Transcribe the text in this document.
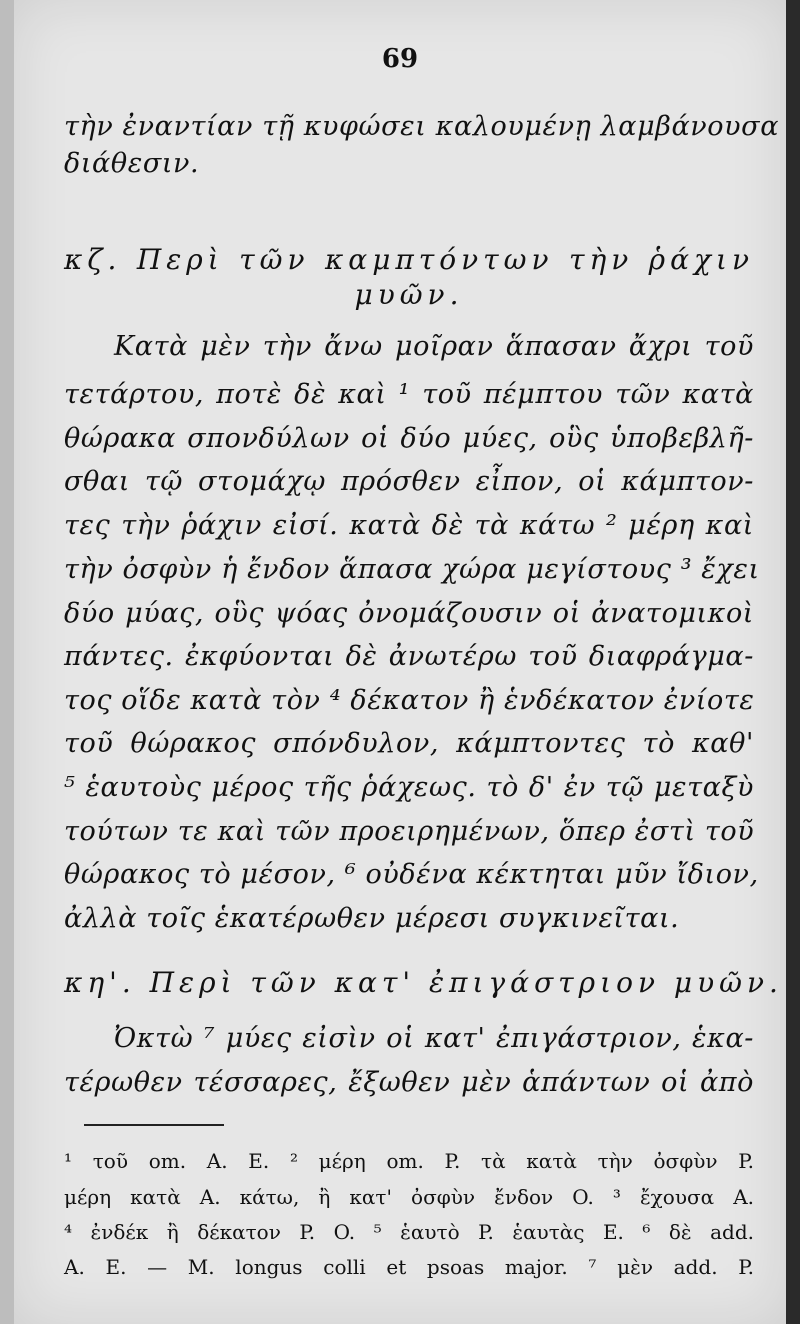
69
τὴν ἐναντίαν τῇ κυφώσει καλουμένῃ λαμβάνουσα
διάθεσιν.
κζ. Περὶ τῶν καμπτόντων τὴν ῥάχιν
μυῶν.
Κατὰ μὲν τὴν ἄνω μοῖραν ἅπασαν ἄχρι τοῦ
τετάρτου, ποτὲ δὲ καὶ ¹ τοῦ πέμπτου τῶν κατὰ
θώρακα σπονδύλων οἱ δύο μύες, οὓς ὑποβεβλῆ-
σθαι τῷ στομάχῳ πρόσθεν εἶπον, οἱ κάμπτον-
τες τὴν ῥάχιν εἰσί. κατὰ δὲ τὰ κάτω ² μέρη καὶ
τὴν ὀσφὺν ἡ ἔνδον ἅπασα χώρα μεγίστους ³ ἔχει
δύο μύας, οὓς ψόας ὀνομάζουσιν οἱ ἀνατομικοὶ
πάντες. ἐκφύονται δὲ ἀνωτέρω τοῦ διαφράγμα-
τος οἵδε κατὰ τὸν ⁴ δέκατον ἢ ἑνδέκατον ἐνίοτε
τοῦ θώρακος σπόνδυλον, κάμπτοντες τὸ καθ'
⁵ ἑαυτοὺς μέρος τῆς ῥάχεως. τὸ δ' ἐν τῷ μεταξὺ
τούτων τε καὶ τῶν προειρημένων, ὅπερ ἐστὶ τοῦ
θώρακος τὸ μέσον, ⁶ οὐδένα κέκτηται μῦν ἴδιον,
ἀλλὰ τοῖς ἑκατέρωθεν μέρεσι συγκινεῖται.
κη'. Περὶ τῶν κατ' ἐπιγάστριον μυῶν.
Ὀκτὼ ⁷ μύες εἰσὶν οἱ κατ' ἐπιγάστριον, ἑκα-
τέρωθεν τέσσαρες, ἔξωθεν μὲν ἁπάντων οἱ ἀπὸ
¹ τοῦ om. A. E. ² μέρη om. P. τὰ κατὰ τὴν ὀσφὺν P.
μέρη κατὰ A. κάτω, ἢ κατ' ὀσφὺν ἔνδον O. ³ ἔχουσα A.
⁴ ἐνδέκ ἢ δέκατον P. O. ⁵ ἑαυτὸ P. ἑαυτὰς E. ⁶ δὲ add.
A. E. — M. longus colli et psoas major. ⁷ μὲν add. P.
